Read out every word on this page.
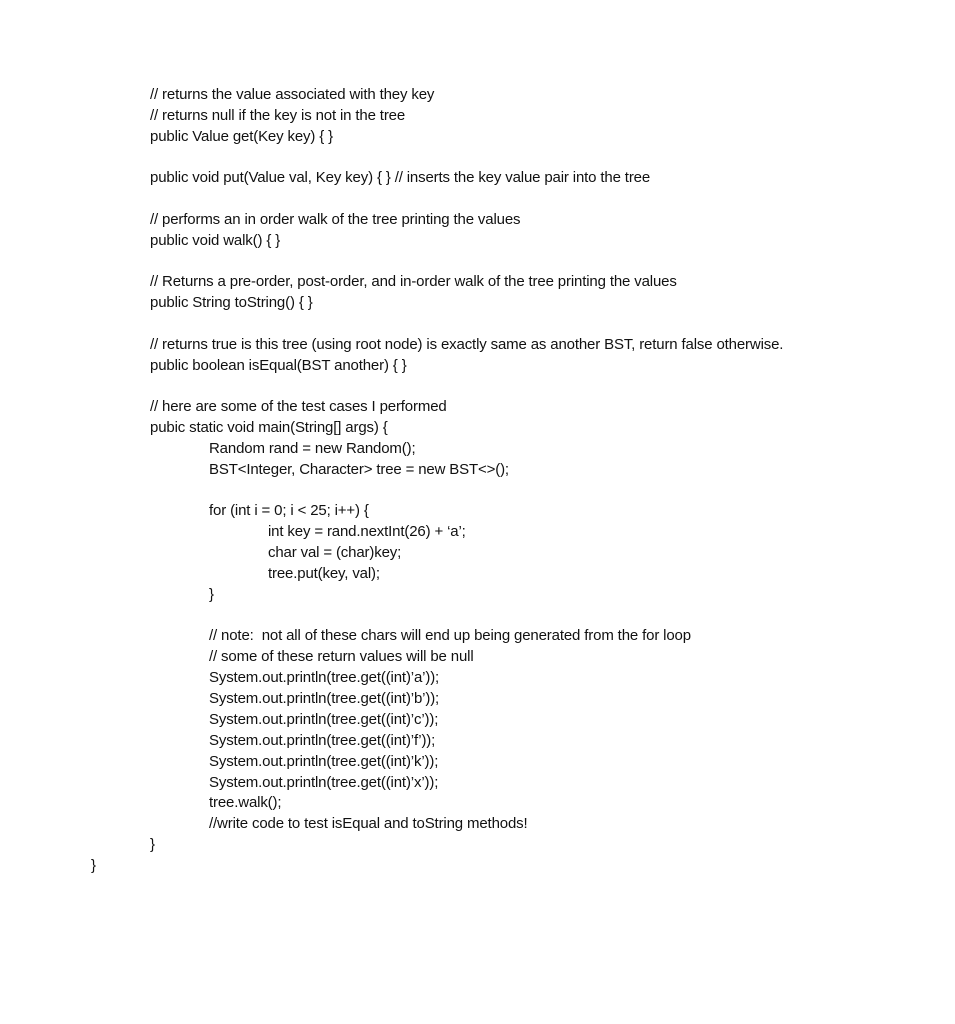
// returns the value associated with they key
// returns null if the key is not in the tree
public Value get(Key key) { }
public void put(Value val, Key key) { } // inserts the key value pair into the tree
// performs an in order walk of the tree printing the values
public void walk() { }
// Returns a pre-order, post-order, and in-order walk of the tree printing the values
public String toString() { }
// returns true is this tree (using root node) is exactly same as another BST, return false otherwise.
public boolean isEqual(BST another) { }
// here are some of the test cases I performed
pubic static void main(String[] args) {
Random rand = new Random();
BST<Integer, Character> tree = new BST<>();
for (int i = 0; i < 25; i++) {
int key = rand.nextInt(26) + ‘a’;
char val = (char)key;
tree.put(key, val);
}
// note:  not all of these chars will end up being generated from the for loop
// some of these return values will be null
System.out.println(tree.get((int)’a’));
System.out.println(tree.get((int)’b’));
System.out.println(tree.get((int)’c’));
System.out.println(tree.get((int)’f’));
System.out.println(tree.get((int)’k’));
System.out.println(tree.get((int)’x’));
tree.walk();
//write code to test isEqual and toString methods!
}
}
